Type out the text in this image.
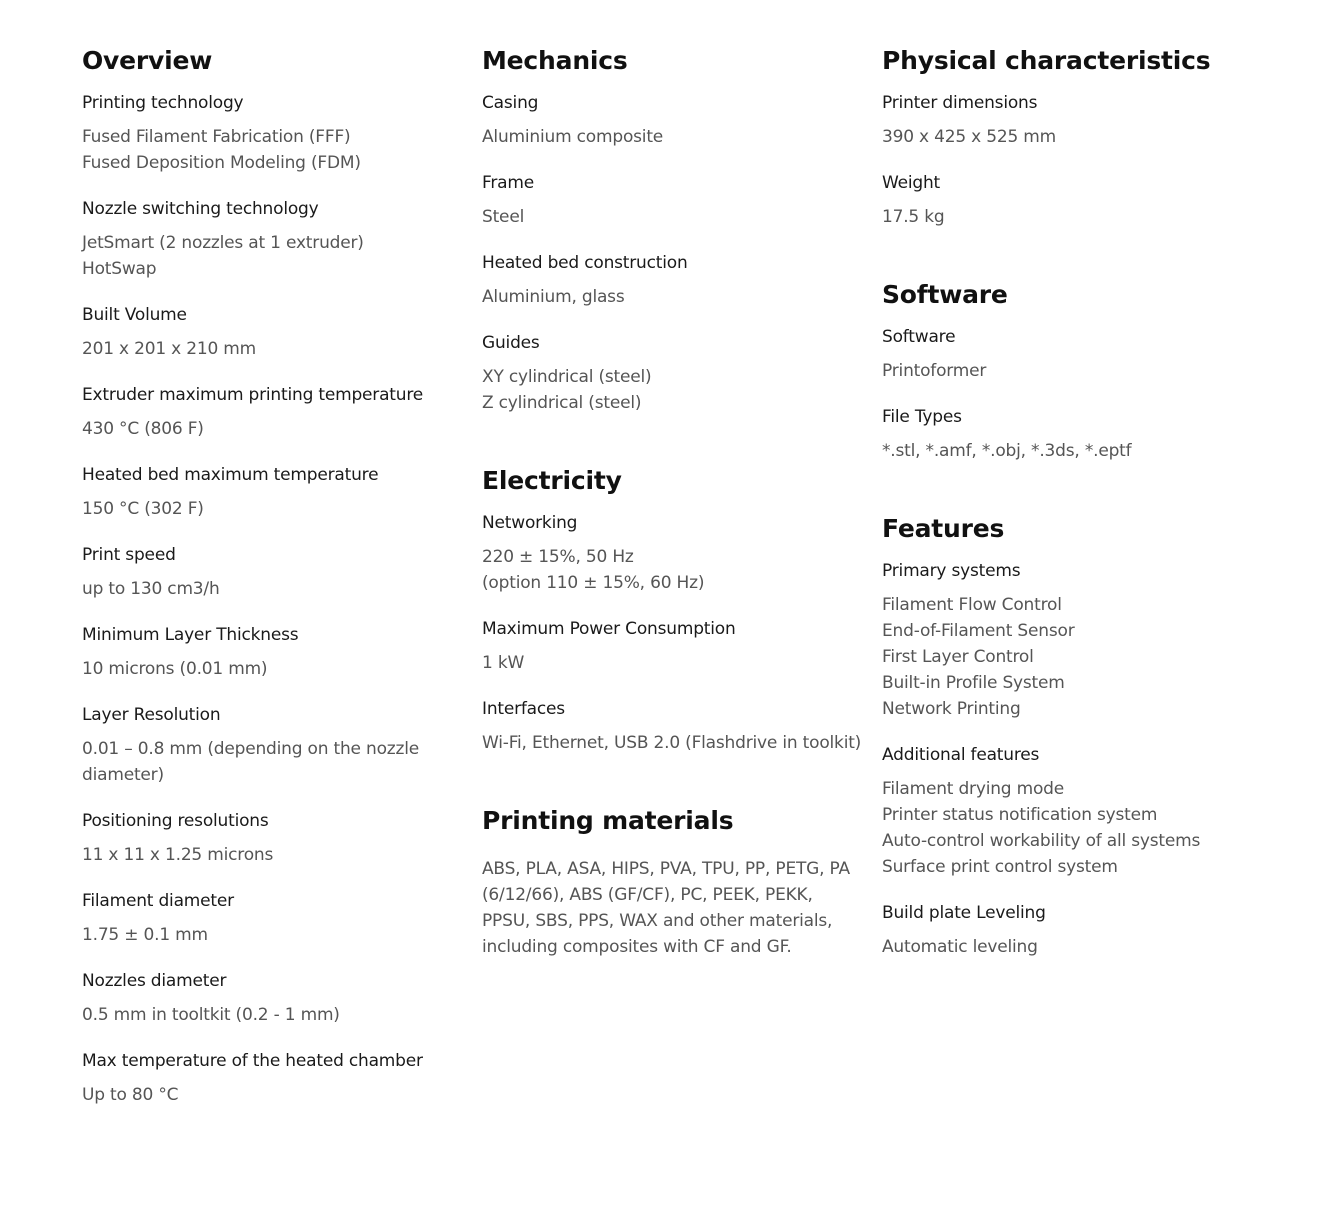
Overview
Printing technology
Fused Filament Fabrication (FFF)
Fused Deposition Modeling (FDM)
Nozzle switching technology
JetSmart (2 nozzles at 1 extruder)
HotSwap
Built Volume
201 x 201 x 210 mm
Extruder maximum printing temperature
430 °C (806 F)
Heated bed maximum temperature
150 °C (302 F)
Print speed
up to 130 cm3/h
Minimum Layer Thickness
10 microns (0.01 mm)
Layer Resolution
0.01 – 0.8 mm (depending on the nozzle diameter)
Positioning resolutions
11 x 11 x 1.25 microns
Filament diameter
1.75 ± 0.1 mm
Nozzles diameter
0.5 mm in tooltkit (0.2 - 1 mm)
Max temperature of the heated chamber
Up to 80 °C
Mechanics
Casing
Aluminium composite
Frame
Steel
Heated bed construction
Aluminium, glass
Guides
XY cylindrical (steel)
Z cylindrical (steel)
Electricity
Networking
220 ± 15%, 50 Hz
(option 110 ± 15%, 60 Hz)
Maximum Power Consumption
1 kW
Interfaces
Wi-Fi, Ethernet, USB 2.0 (Flashdrive in toolkit)
Printing materials

ABS, PLA, ASA, HIPS, PVA, TPU, PP, PETG, PA (6/12/66), ABS (GF/CF), PC, PEEK, PEKK, PPSU, SBS, PPS, WAX and other materials, including composites with CF and GF.

Physical characteristics
Printer dimensions
390 x 425 x 525 mm
Weight
17.5 kg
Software
Software
Printoformer
File Types
*.stl, *.amf, *.obj, *.3ds, *.eptf
Features
Primary systems
Filament Flow Control
End-of-Filament Sensor
First Layer Control
Built-in Profile System
Network Printing
Additional features
Filament drying mode
Printer status notification system
Auto-control workability of all systems
Surface print control system
Build plate Leveling
Automatic leveling
